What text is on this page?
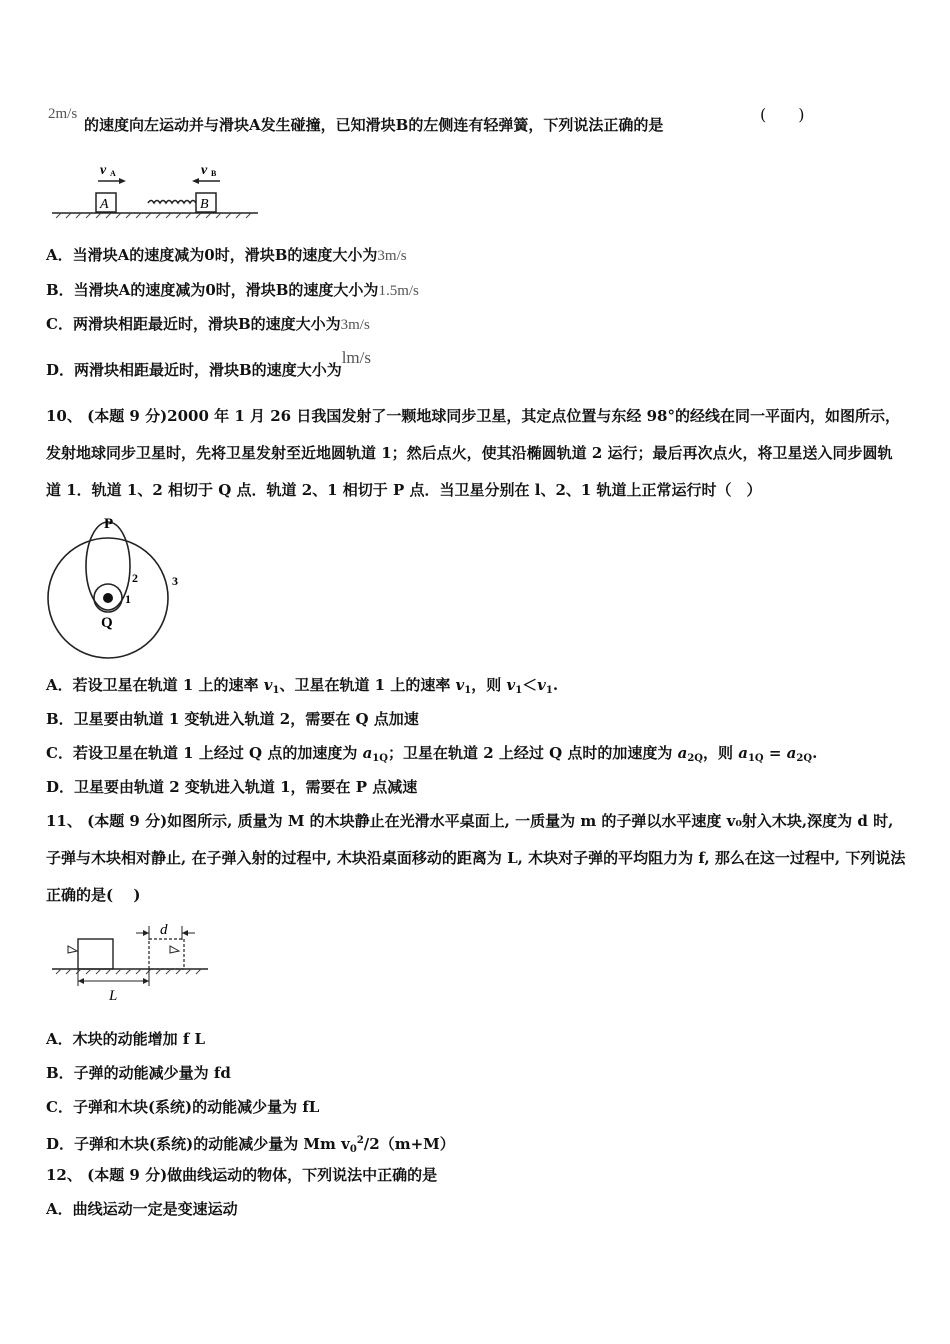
2m/s
的速度向左运动并与滑块A发生碰撞，已知滑块B的左侧连有轻弹簧，下列说法正确的是
(　　)
v A	v B
A	B
A．当滑块A的速度减为0时，滑块B的速度大小为3m/s
B．当滑块A的速度减为0时，滑块B的速度大小为1.5m/s
C．两滑块相距最近时，滑块B的速度大小为3m/s
D．两滑块相距最近时，滑块B的速度大小为lm/s
10、 (本题 9 分)2000 年 1 月 26 日我国发射了一颗地球同步卫星，其定点位置与东经 98°的经线在同一平面内，如图所示，发射地球同步卫星时，先将卫星发射至近地圆轨道 1；然后点火，使其沿椭圆轨道 2 运行；最后再次点火，将卫星送入同步圆轨道 1．轨道 1、2 相切于 Q 点．轨道 2、1 相切于 P 点．当卫星分别在 l、2、1 轨道上正常运行时（　）
P
Q
1
2	3
A．若设卫星在轨道 1 上的速率 $v_1$、卫星在轨道 1 上的速率 $v_1$，则 $v_1<v_1$.
B．卫星要由轨道 1 变轨进入轨道 2，需要在 Q 点加速
C．若设卫星在轨道 1 上经过 Q 点的加速度为 $a_{1Q}$；卫星在轨道 2 上经过 Q 点时的加速度为 $a_{2Q}$，则 $a_{1Q} = a_{2Q}$.
D．卫星要由轨道 2 变轨进入轨道 1，需要在 P 点减速
11、 (本题 9 分)如图所示, 质量为 M 的木块静止在光滑水平桌面上, 一质量为 m 的子弹以水平速度 v₀射入木块,深度为 d 时, 子弹与木块相对静止, 在子弹入射的过程中, 木块沿桌面移动的距离为 L, 木块对子弹的平均阻力为 f, 那么在这一过程中, 下列说法正确的是(　 )
d
L
A．木块的动能增加 f L
B．子弹的动能减少量为 fd
C．子弹和木块(系统)的动能减少量为 fL
D．子弹和木块(系统)的动能减少量为 Mm $v_0^2/2(m+M)$
12、 (本题 9 分)做曲线运动的物体，下列说法中正确的是
A．曲线运动一定是变速运动
